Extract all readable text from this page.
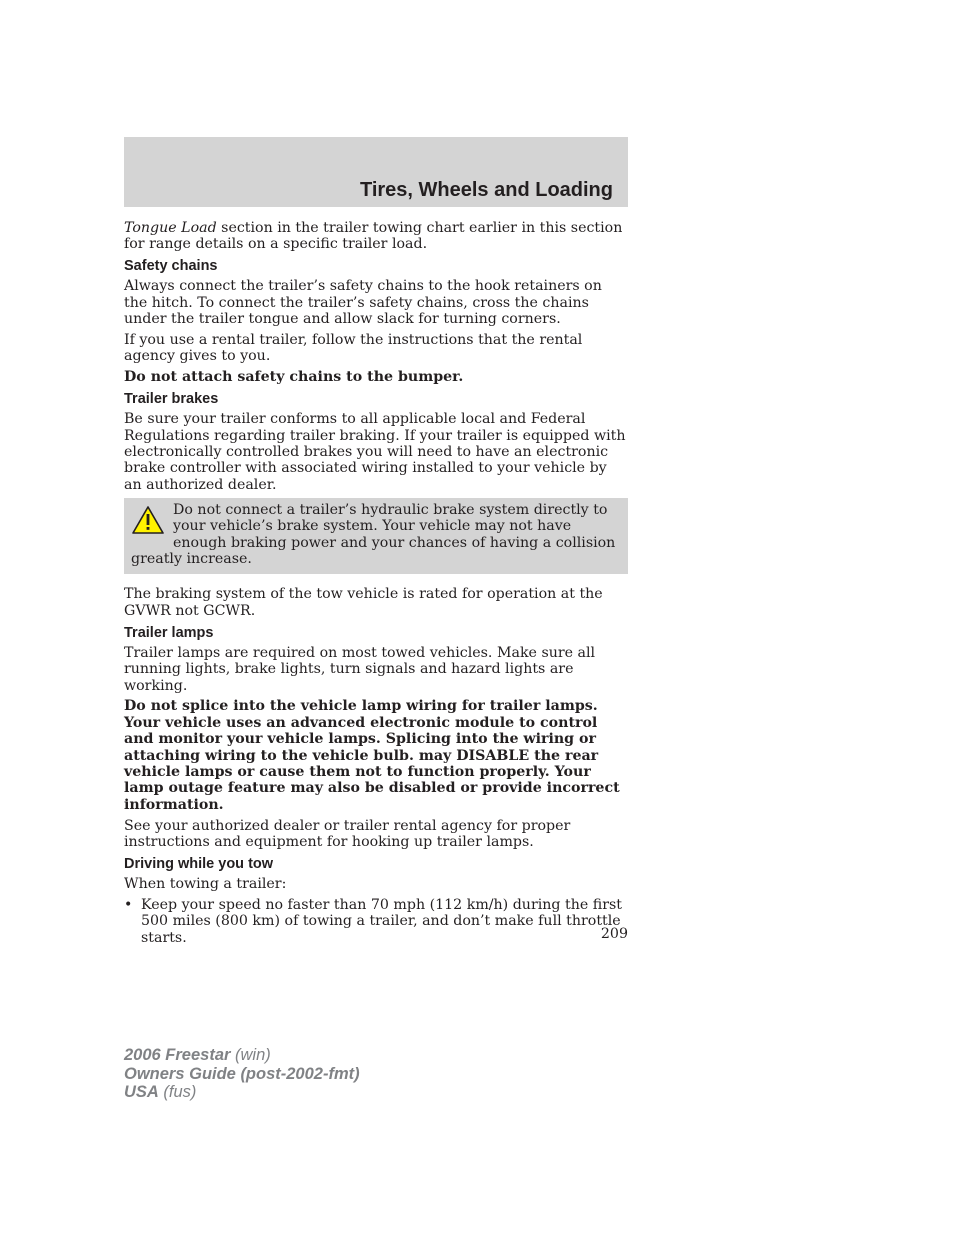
Tires, Wheels and Loading

Tongue Load section in the trailer towing chart earlier in this section for range details on a specific trailer load.

Safety chains

Always connect the trailer’s safety chains to the hook retainers on the hitch. To connect the trailer’s safety chains, cross the chains under the trailer tongue and allow slack for turning corners.

If you use a rental trailer, follow the instructions that the rental agency gives to you.

Do not attach safety chains to the bumper.

Trailer brakes

Be sure your trailer conforms to all applicable local and Federal Regulations regarding trailer braking. If your trailer is equipped with electronically controlled brakes you will need to have an electronic brake controller with associated wiring installed to your vehicle by an authorized dealer.

Do not connect a trailer’s hydraulic brake system directly to your vehicle’s brake system. Your vehicle may not have enough braking power and your chances of having a collision greatly increase.

The braking system of the tow vehicle is rated for operation at the GVWR not GCWR.

Trailer lamps

Trailer lamps are required on most towed vehicles. Make sure all running lights, brake lights, turn signals and hazard lights are working.

Do not splice into the vehicle lamp wiring for trailer lamps. Your vehicle uses an advanced electronic module to control and monitor your vehicle lamps. Splicing into the wiring or attaching wiring to the vehicle bulb. may DISABLE the rear vehicle lamps or cause them not to function properly. Your lamp outage feature may also be disabled or provide incorrect information.

See your authorized dealer or trailer rental agency for proper instructions and equipment for hooking up trailer lamps.

Driving while you tow

When towing a trailer:

• Keep your speed no faster than 70 mph (112 km/h) during the first 500 miles (800 km) of towing a trailer, and don’t make full throttle starts.	209
2006 Freestar (win)
Owners Guide (post-2002-fmt)
USA (fus)
